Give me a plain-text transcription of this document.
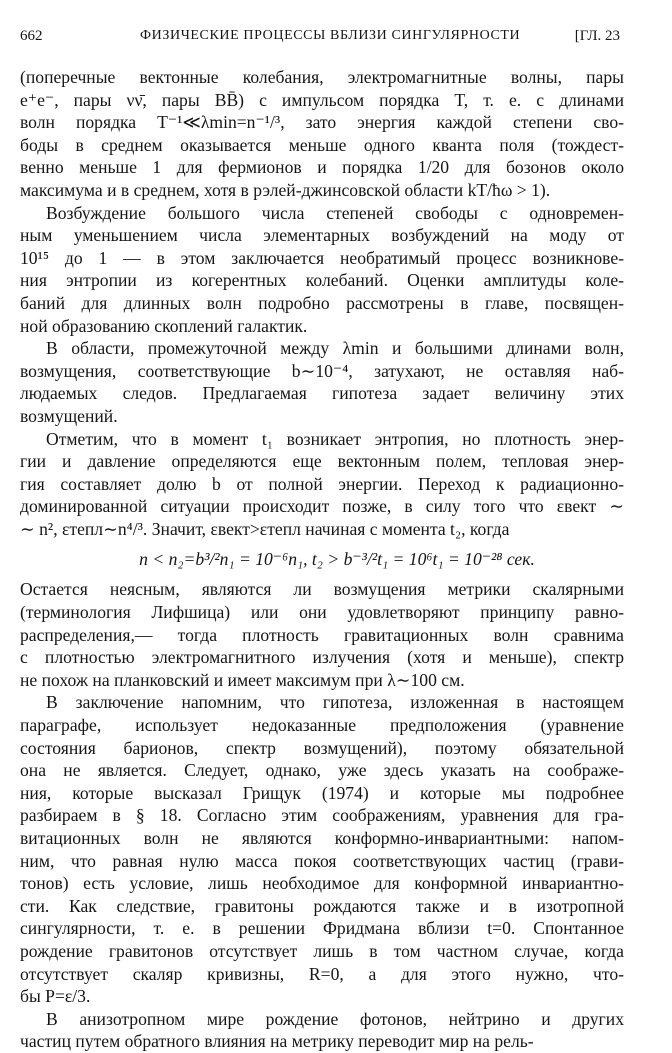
662	ФИЗИЧЕСКИЕ ПРОЦЕССЫ ВБЛИЗИ СИНГУЛЯРНОСТИ	[ГЛ. 23
(поперечные вектонные колебания, электромагнитные волны, пары
e⁺e⁻, пары νν̄, пары BB̄) с импульсом порядка T, т. е. с длинами
волн порядка T⁻¹≪λmin=n⁻¹/³, зато энергия каждой степени сво-
боды в среднем оказывается меньше одного кванта поля (тождест-
венно меньше 1 для фермионов и порядка 1/20 для бозонов около
максимума и в среднем, хотя в рэлей-джинсовской области kT/ħω > 1).
Возбуждение большого числа степеней свободы с одновремен-
ным уменьшением числа элементарных возбуждений на моду от
10¹⁵ до 1 — в этом заключается необратимый процесс возникнове-
ния энтропии из когерентных колебаний. Оценки амплитуды коле-
баний для длинных волн подробно рассмотрены в главе, посвящен-
ной образованию скоплений галактик.
В области, промежуточной между λmin и большими длинами волн,
возмущения, соответствующие b∼10⁻⁴, затухают, не оставляя наб-
людаемых следов. Предлагаемая гипотеза задает величину этих
возмущений.
Отметим, что в момент t₁ возникает энтропия, но плотность энер-
гии и давление определяются еще вектонным полем, тепловая энер-
гия составляет долю b от полной энергии. Переход к радиационно-
доминированной ситуации происходит позже, в силу того что εвект ∼
∼ n², εтепл∼n⁴/³. Значит, εвект>εтепл начиная с момента t₂, когда
n < n₂=b³/²n₁ = 10⁻⁶n₁, t₂ > b⁻³/²t₁ = 10⁶t₁ = 10⁻²⁸ сек.
Остается неясным, являются ли возмущения метрики скалярными
(терминология Лифшица) или они удовлетворяют принципу равно-
распределения,— тогда плотность гравитационных волн сравнима
с плотностью электромагнитного излучения (хотя и меньше), спектр
не похож на планковский и имеет максимум при λ∼100 см.
В заключение напомним, что гипотеза, изложенная в настоящем
параграфе, использует недоказанные предположения (уравнение
состояния барионов, спектр возмущений), поэтому обязательной
она не является. Следует, однако, уже здесь указать на соображе-
ния, которые высказал Грищук (1974) и которые мы подробнее
разбираем в § 18. Согласно этим соображениям, уравнения для гра-
витационных волн не являются конформно-инвариантными: напом-
ним, что равная нулю масса покоя соответствующих частиц (грави-
тонов) есть условие, лишь необходимое для конформной инвариантно-
сти. Как следствие, гравитоны рождаются также и в изотропной
сингулярности, т. е. в решении Фридмана вблизи t=0. Спонтанное
рождение гравитонов отсутствует лишь в том частном случае, когда
отсутствует скаляр кривизны, R=0, а для этого нужно, что-
бы P=ε/3.
В анизотропном мире рождение фотонов, нейтрино и других
частиц путем обратного влияния на метрику переводит мир на рель-
